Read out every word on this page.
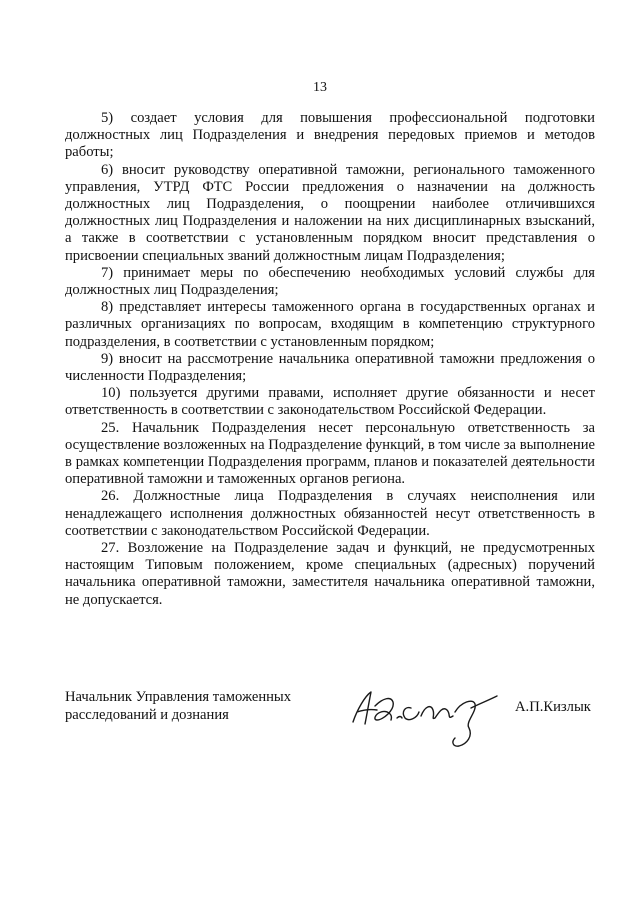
13

5) создает условия для повышения профессиональной подготовки должностных лиц Подразделения и внедрения передовых приемов и методов работы;

6) вносит руководству оперативной таможни, регионального таможенного управления, УТРД ФТС России предложения о назначении на должность должностных лиц Подразделения, о поощрении наиболее отличившихся должностных лиц Подразделения и наложении на них дисциплинарных взысканий, а также в соответствии с установленным порядком вносит представления о присвоении специальных званий должностным лицам Подразделения;

7) принимает меры по обеспечению необходимых условий службы для должностных лиц Подразделения;

8) представляет интересы таможенного органа в государственных органах и различных организациях по вопросам, входящим в компетенцию структурного подразделения, в соответствии с установленным порядком;

9) вносит на рассмотрение начальника оперативной таможни предложения о численности Подразделения;

10) пользуется другими правами, исполняет другие обязанности и несет ответственность в соответствии с законодательством Российской Федерации.

25. Начальник Подразделения несет персональную ответственность за осуществление возложенных на Подразделение функций, в том числе за выполнение в рамках компетенции Подразделения программ, планов и показателей деятельности оперативной таможни и таможенных органов региона.

26. Должностные лица Подразделения в случаях неисполнения или ненадлежащего исполнения должностных обязанностей несут ответственность в соответствии с законодательством Российской Федерации.

27. Возложение на Подразделение задач и функций, не предусмотренных настоящим Типовым положением, кроме специальных (адресных) поручений начальника оперативной таможни, заместителя начальника оперативной таможни, не допускается.

Начальник Управления таможенных
расследований и дознания	А.П.Кизлык
